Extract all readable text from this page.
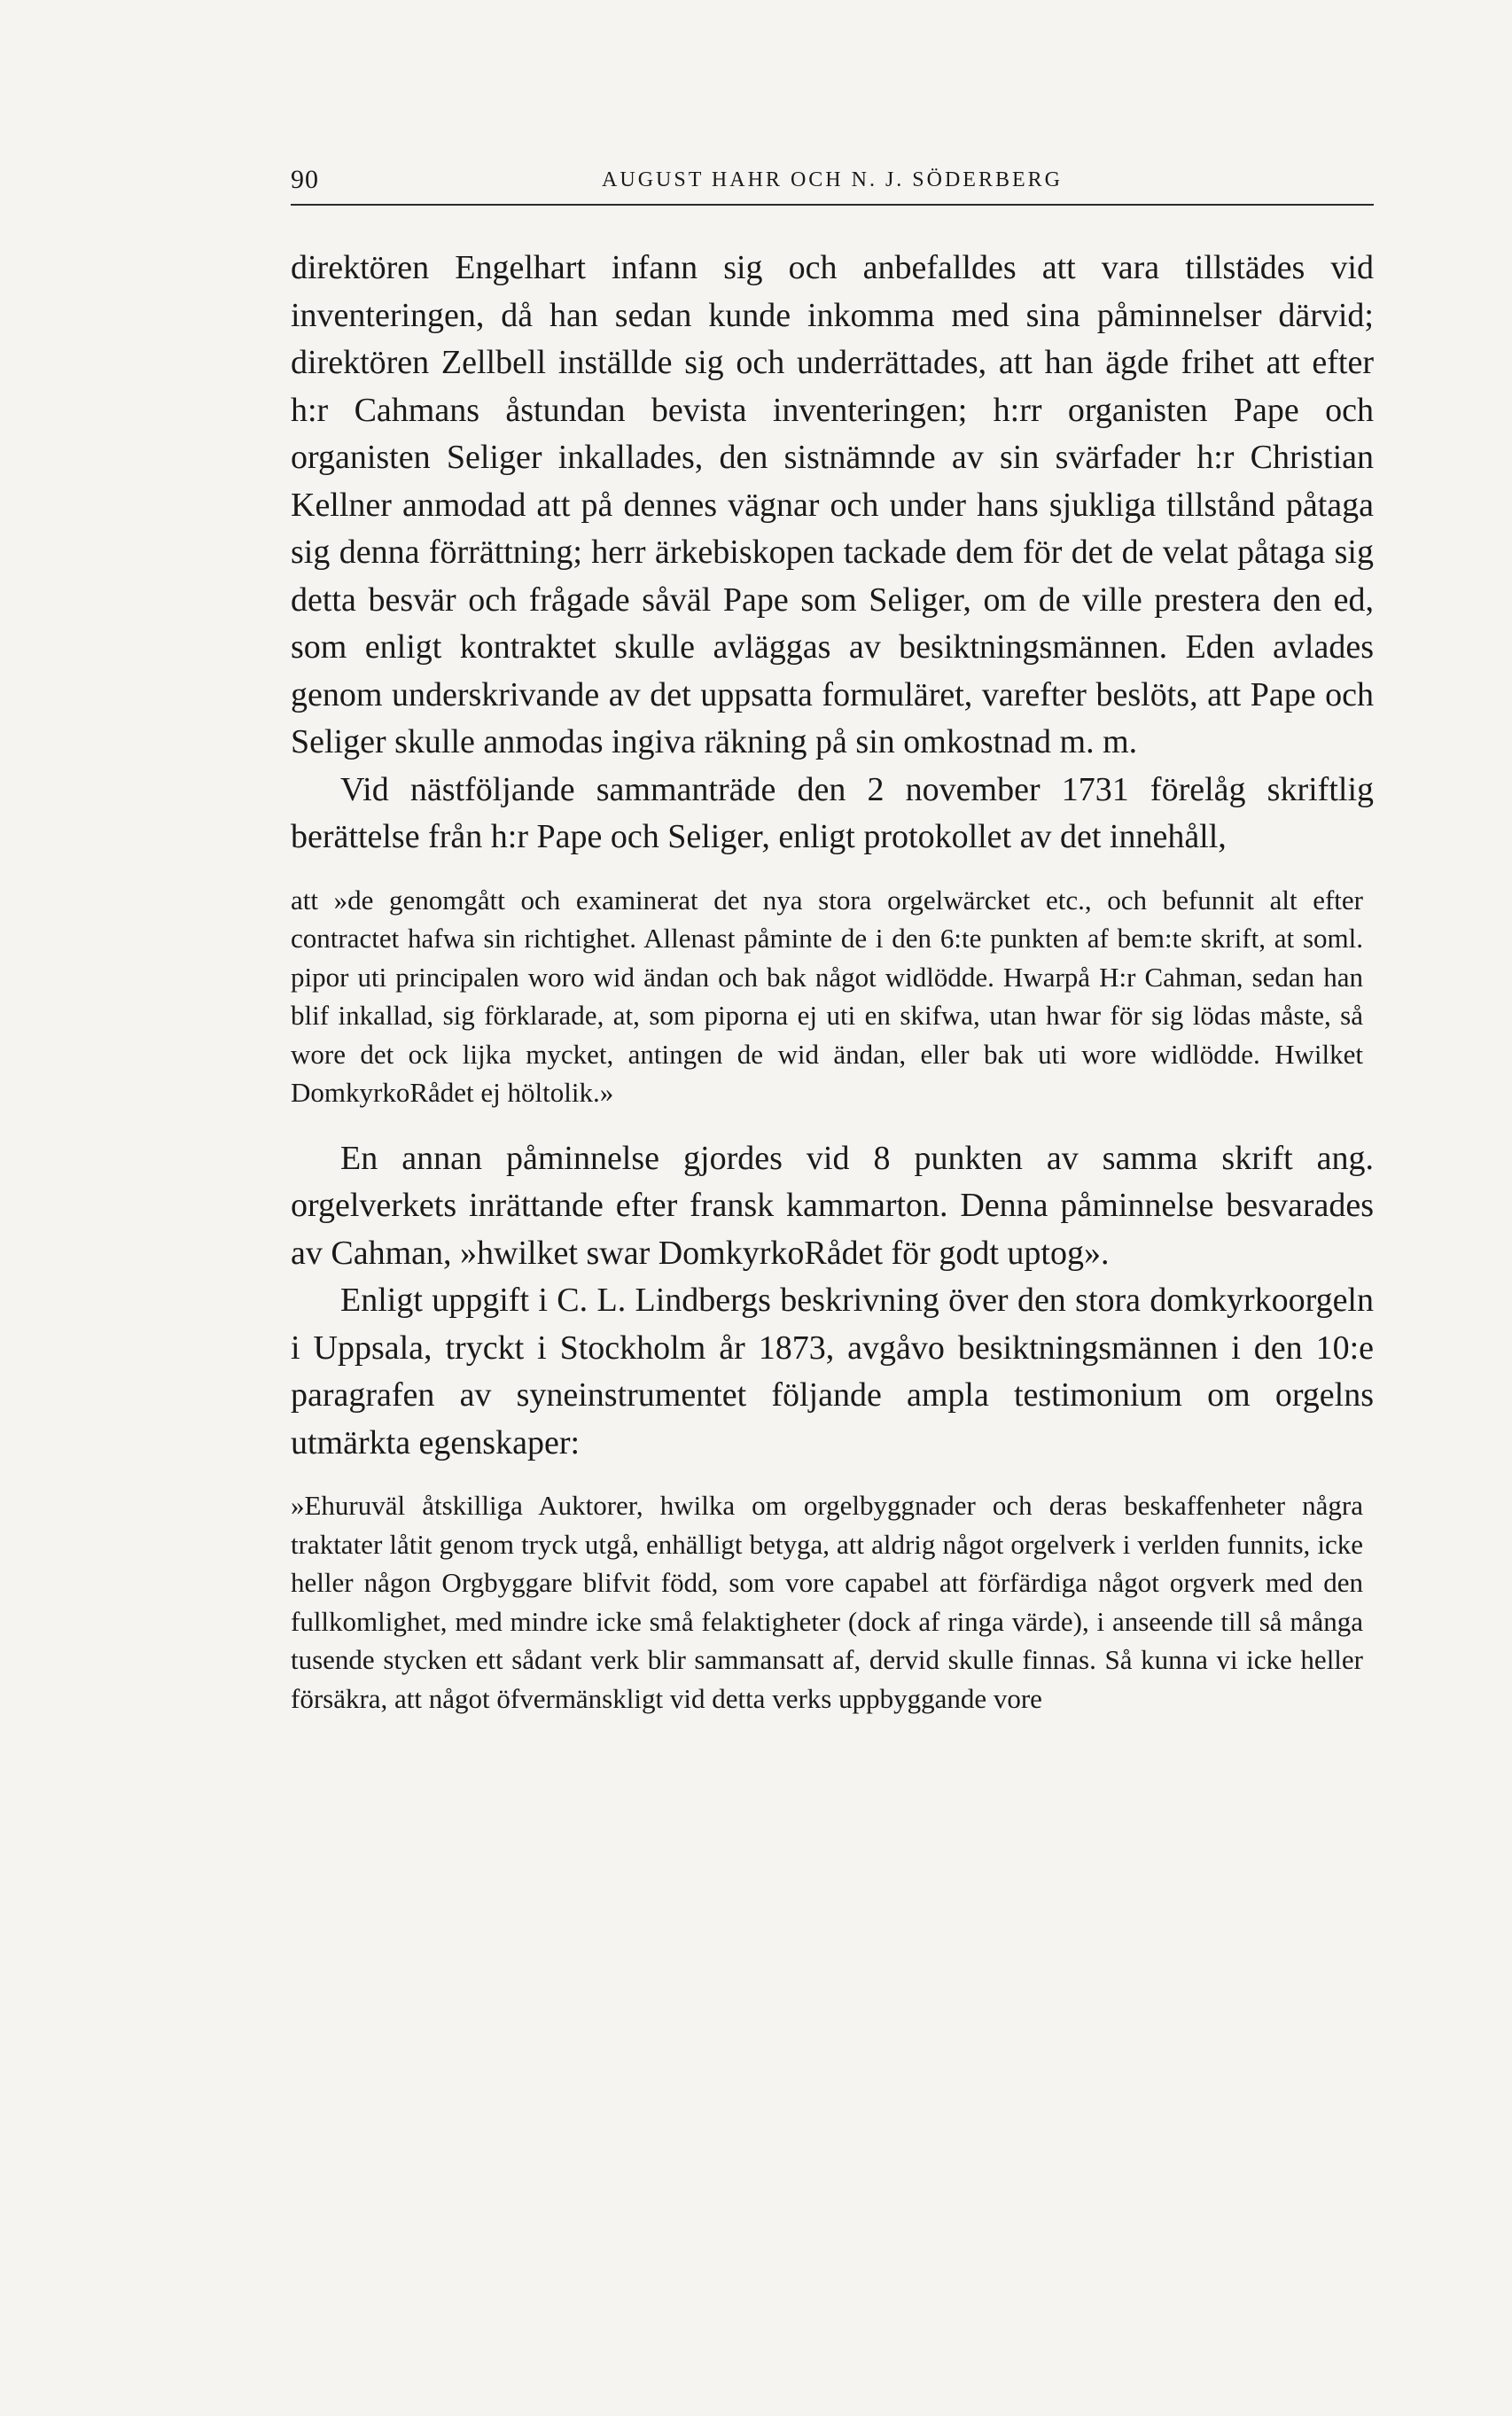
90	AUGUST HAHR OCH N. J. SÖDERBERG

direktören Engelhart infann sig och anbefalldes att vara tillstädes vid inventeringen, då han sedan kunde inkomma med sina påminnelser därvid; direktören Zellbell inställde sig och underrättades, att han ägde frihet att efter h:r Cahmans åstundan bevista inventeringen; h:rr organisten Pape och organisten Seliger inkallades, den sistnämnde av sin svärfader h:r Christian Kellner anmodad att på dennes vägnar och under hans sjukliga tillstånd påtaga sig denna förrättning; herr ärkebiskopen tackade dem för det de velat påtaga sig detta besvär och frågade såväl Pape som Seliger, om de ville prestera den ed, som enligt kontraktet skulle avläggas av besiktningsmännen. Eden avlades genom underskrivande av det uppsatta formuläret, varefter beslöts, att Pape och Seliger skulle anmodas ingiva räkning på sin omkostnad m. m.

Vid nästföljande sammanträde den 2 november 1731 förelåg skriftlig berättelse från h:r Pape och Seliger, enligt protokollet av det innehåll,

att »de genomgått och examinerat det nya stora orgelwärcket etc., och befunnit alt efter contractet hafwa sin richtighet. Allenast påminte de i den 6:te punkten af bem:te skrift, at soml. pipor uti principalen woro wid ändan och bak något widlödde. Hwarpå H:r Cahman, sedan han blif inkallad, sig förklarade, at, som piporna ej uti en skifwa, utan hwar för sig lödas måste, så wore det ock lijka mycket, antingen de wid ändan, eller bak uti wore widlödde. Hwilket DomkyrkoRådet ej höltolik.»

En annan påminnelse gjordes vid 8 punkten av samma skrift ang. orgelverkets inrättande efter fransk kammarton. Denna påminnelse besvarades av Cahman, »hwilket swar DomkyrkoRådet för godt uptog».

Enligt uppgift i C. L. Lindbergs beskrivning över den stora domkyrkoorgeln i Uppsala, tryckt i Stockholm år 1873, avgåvo besiktningsmännen i den 10:e paragrafen av syneinstrumentet följande ampla testimonium om orgelns utmärkta egenskaper:

»Ehuruväl åtskilliga Auktorer, hwilka om orgelbyggnader och deras beskaffenheter några traktater låtit genom tryck utgå, enhälligt betyga, att aldrig något orgelverk i verlden funnits, icke heller någon Orgbyggare blifvit född, som vore capabel att förfärdiga något orgverk med den fullkomlighet, med mindre icke små felaktigheter (dock af ringa värde), i anseende till så många tusende stycken ett sådant verk blir sammansatt af, dervid skulle finnas. Så kunna vi icke heller försäkra, att något öfvermänskligt vid detta verks uppbyggande vore
